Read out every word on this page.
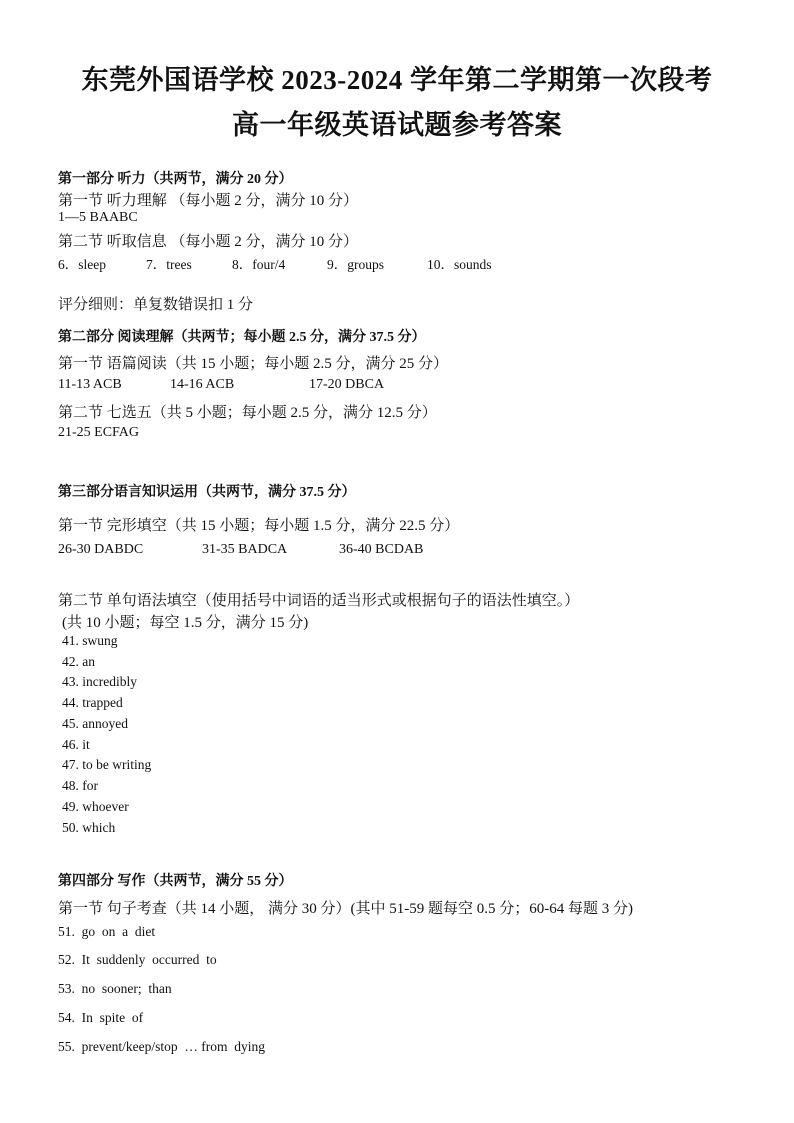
东莞外国语学校 2023-2024 学年第二学期第一次段考
高一年级英语试题参考答案
第一部分 听力（共两节，满分 20 分）
第一节 听力理解 （每小题 2 分，满分 10 分）
1—5 BAABC
第二节 听取信息 （每小题 2 分，满分 10 分）
6．sleep	7．trees	8．four/4	9．groups	10．sounds
评分细则：单复数错误扣 1 分
第二部分 阅读理解（共两节；每小题 2.5 分，满分 37.5 分）
第一节 语篇阅读（共 15 小题；每小题 2.5 分，满分 25 分）
11-13 ACB	14-16 ACB	17-20 DBCA
第二节 七选五（共 5 小题；每小题 2.5 分，满分 12.5 分）
21-25 ECFAG
第三部分语言知识运用（共两节，满分 37.5 分）
第一节 完形填空（共 15 小题；每小题 1.5 分，满分 22.5 分）
26-30 DABDC	31-35 BADCA	36-40 BCDAB
第二节 单句语法填空（使用括号中词语的适当形式或根据句子的语法性填空。）
(共 10 小题；每空 1.5 分，满分 15 分)
41. swung
42. an
43. incredibly
44. trapped
45. annoyed
46. it
47. to be writing
48. for
49. whoever
50. which
第四部分 写作（共两节，满分 55 分）
第一节 句子考查（共 14 小题， 满分 30 分）(其中 51-59 题每空 0.5 分；60-64 每题 3 分)
51.  go  on  a  diet
52.  It  suddenly  occurred  to
53.  no  sooner;  than
54.  In  spite  of
55.  prevent/keep/stop  … from  dying
